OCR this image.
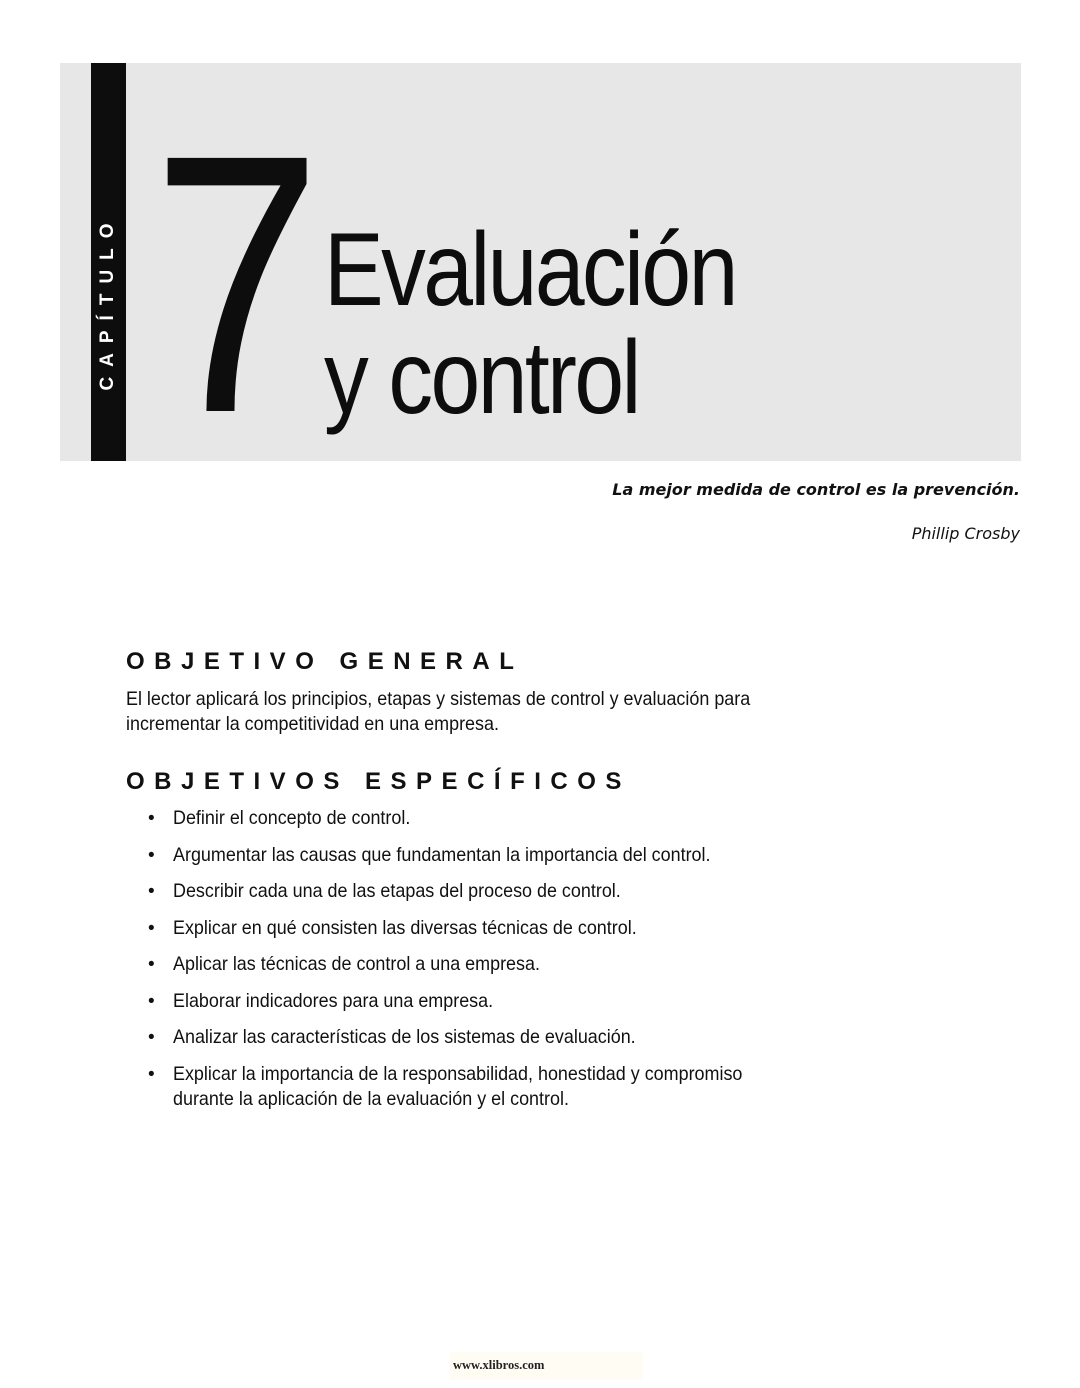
CAPÍTULO 7 Evaluación
y control
La mejor medida de control es la prevención.
Phillip Crosby
OBJETIVO GENERAL
El lector aplicará los principios, etapas y sistemas de control y evaluación para incrementar la competitividad en una empresa.
OBJETIVOS ESPECÍFICOS
• Definir el concepto de control.
• Argumentar las causas que fundamentan la importancia del control.
• Describir cada una de las etapas del proceso de control.
• Explicar en qué consisten las diversas técnicas de control.
• Aplicar las técnicas de control a una empresa.
• Elaborar indicadores para una empresa.
• Analizar las características de los sistemas de evaluación.
• Explicar la importancia de la responsabilidad, honestidad y compromiso durante la aplicación de la evaluación y el control.
www.xlibros.com
